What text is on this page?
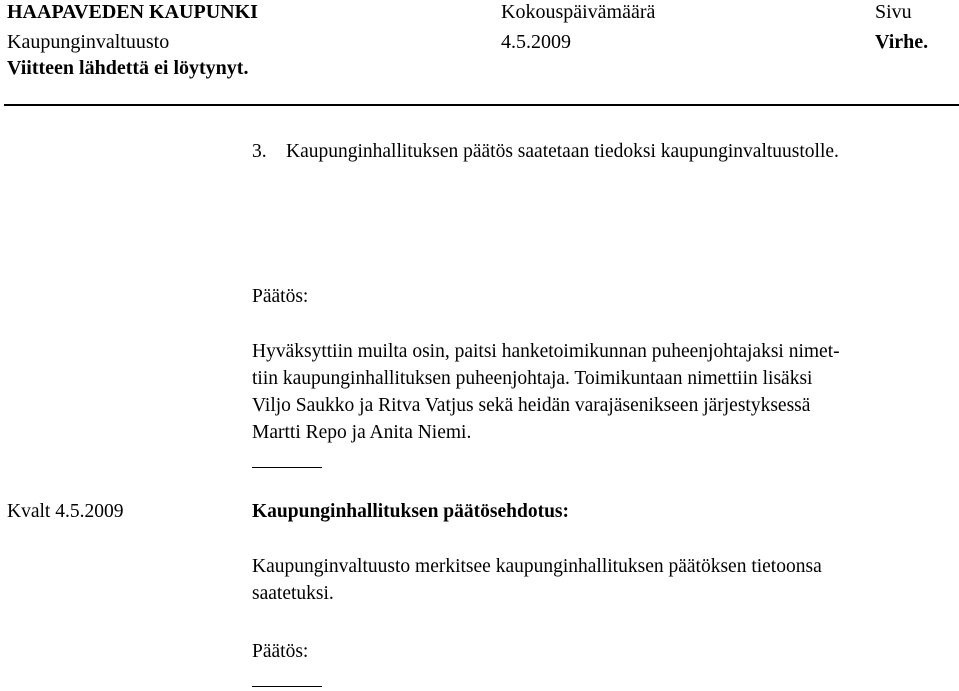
HAAPAVEDEN KAUPUNKI
Kaupunginvaltuusto
Viitteen lähdettä ei löytynyt.
Kokouspäivämäärä
4.5.2009
Sivu
Virhe.
3. Kaupunginhallituksen päätös saatetaan tiedoksi kaupunginvaltuustolle.
Päätös:
Hyväksyttiin muilta osin, paitsi hanketoimikunnan puheenjohtajaksi nimet-
tiin kaupunginhallituksen puheenjohtaja. Toimikuntaan nimettiin lisäksi
Viljo Saukko ja Ritva Vatjus sekä heidän varajäsenikseen järjestyksessä
Martti Repo ja Anita Niemi.
Kvalt 4.5.2009	Kaupunginhallituksen päätösehdotus:
Kaupunginvaltuusto merkitsee kaupunginhallituksen päätöksen tietoonsa
saatetuksi.
Päätös:
